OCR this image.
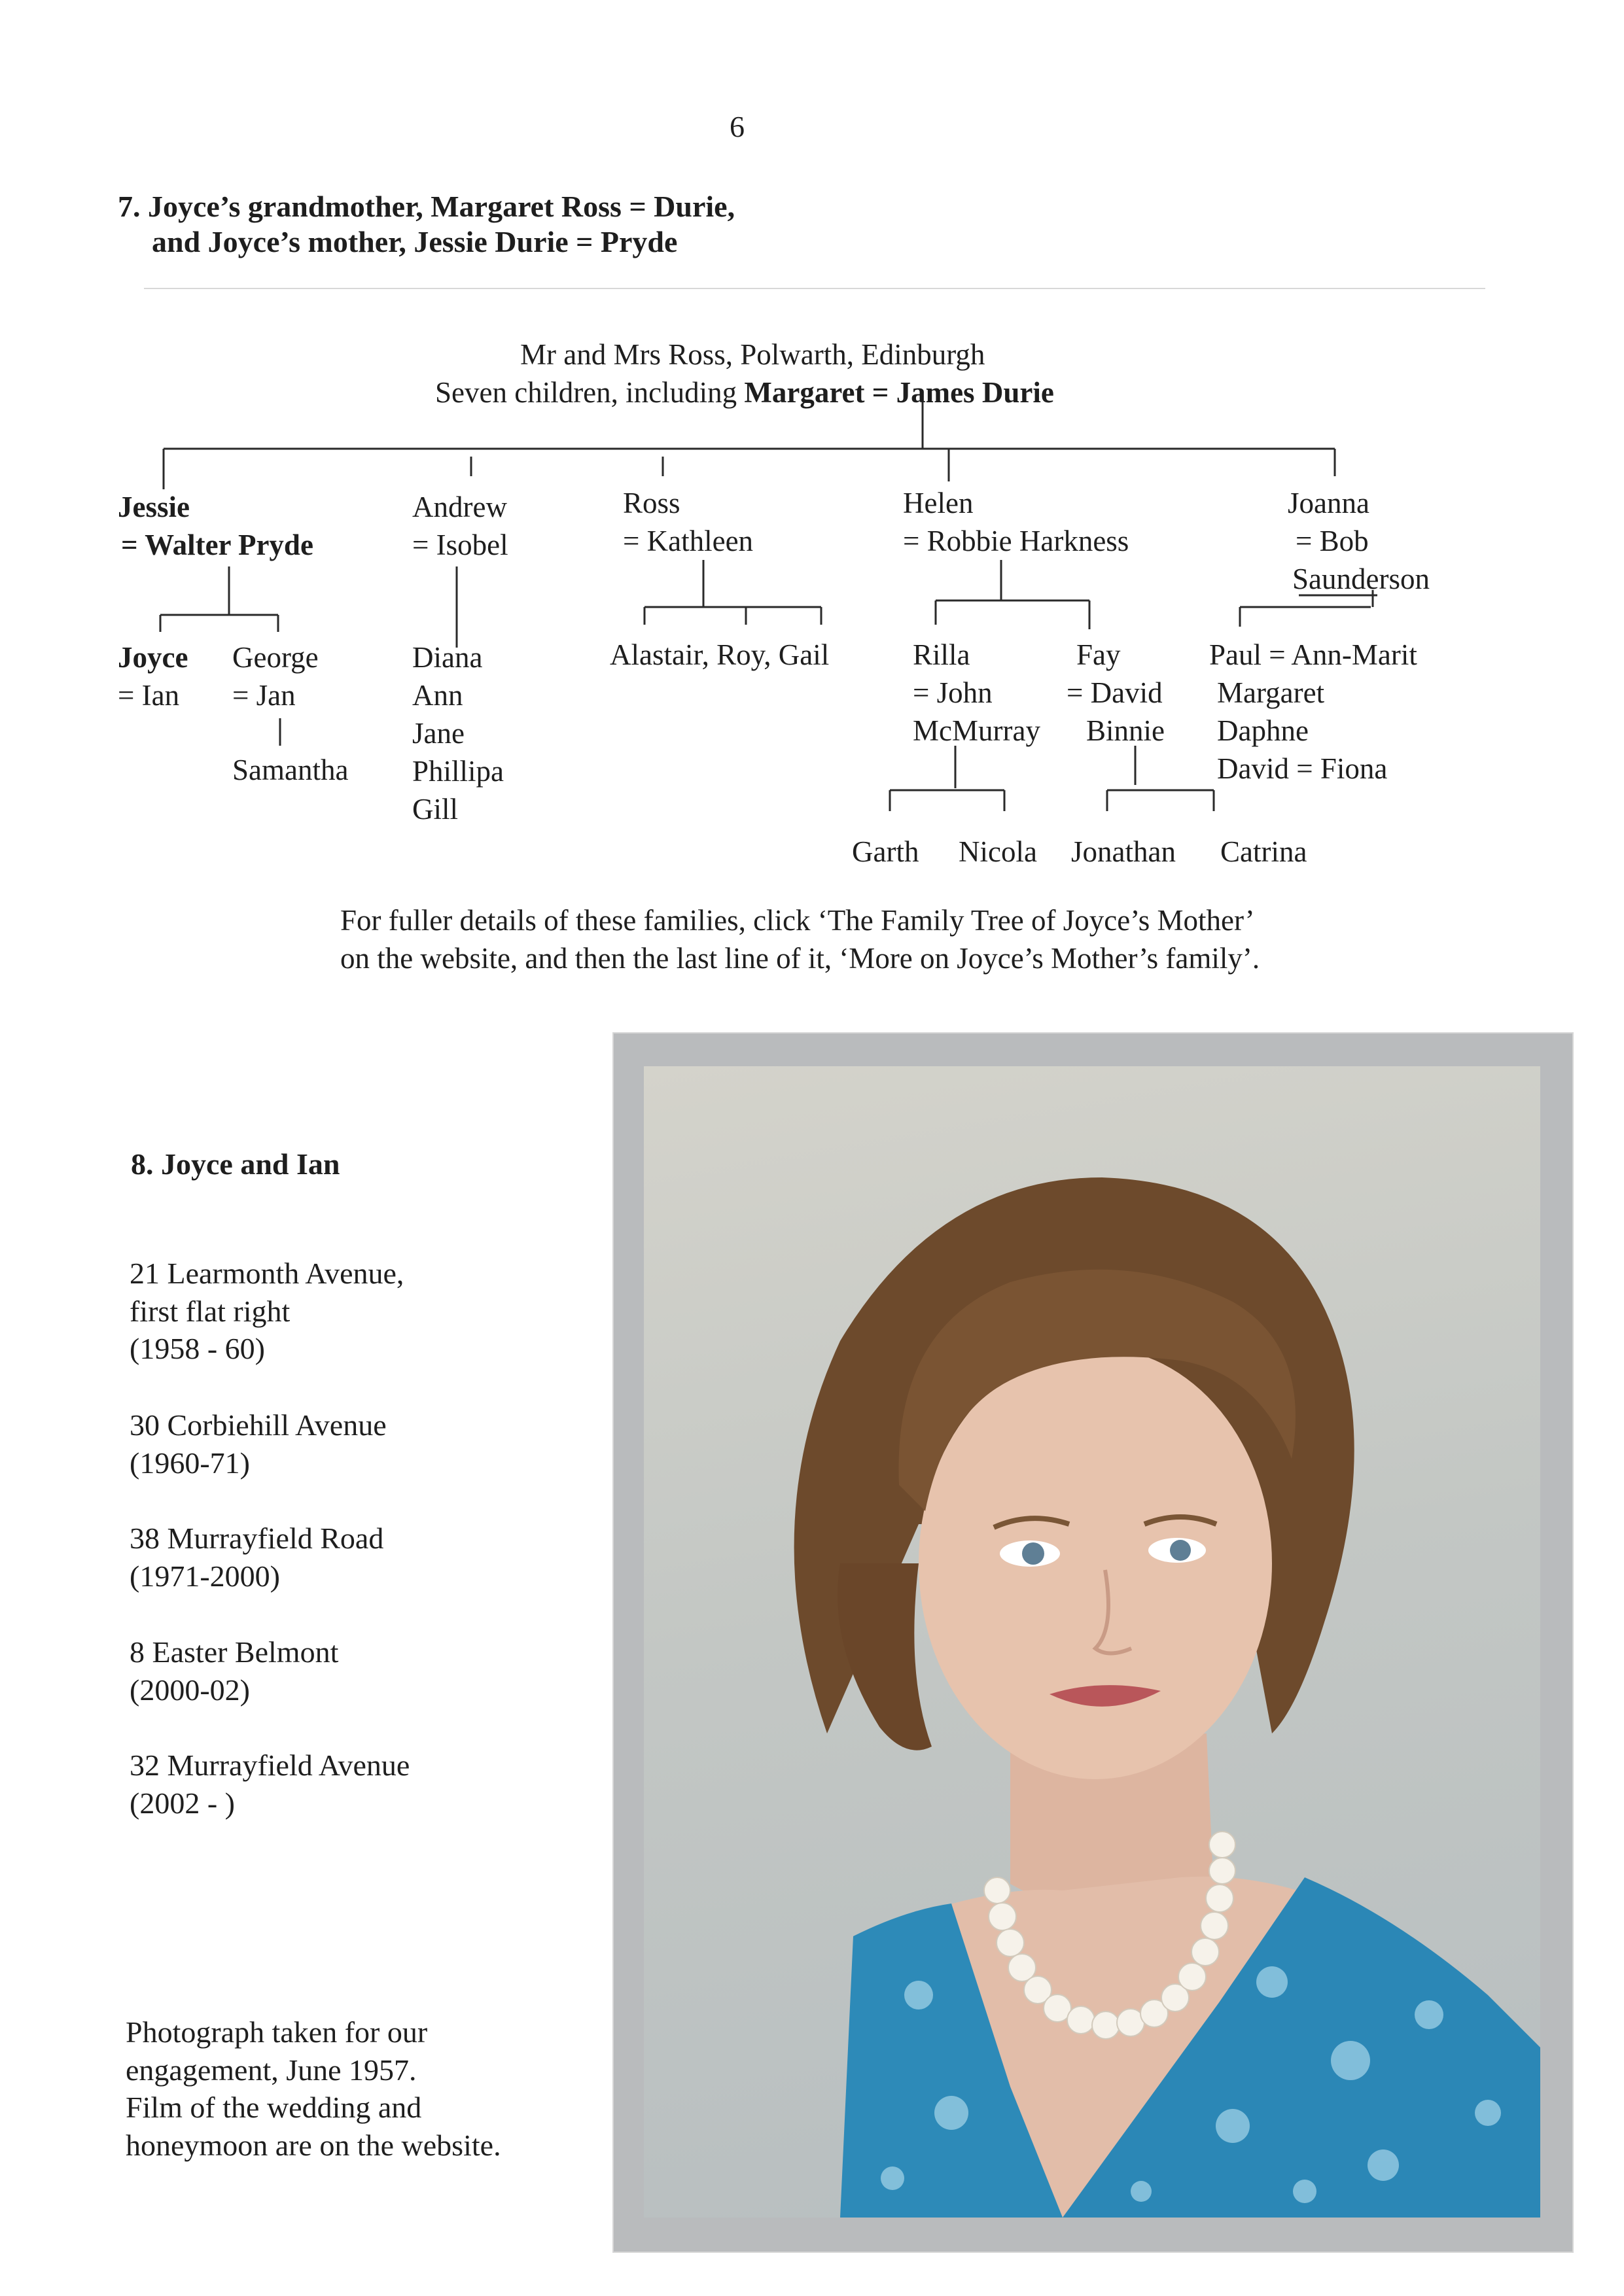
6
7. Joyce’s grandmother, Margaret Ross = Durie,
and Joyce’s mother, Jessie Durie = Pryde
Mr and Mrs Ross, Polwarth, Edinburgh
Seven children, including Margaret = James Durie
Jessie
= Walter Pryde
Joyce
= Ian
George
= Jan
Samantha
Andrew
= Isobel
Diana
Ann
Jane
Phillipa
Gill
Ross
= Kathleen
Alastair, Roy, Gail
Helen
= Robbie Harkness
Rilla
= John
McMurray
Fay
= David
Binnie
Garth Nicola Jonathan Catrina
Joanna
= Bob
Saunderson
Paul = Ann-Marit
Margaret
Daphne
David = Fiona
For fuller details of these families, click ‘The Family Tree of Joyce’s Mother’
on the website, and then the last line of it, ‘More on Joyce’s Mother’s family’.
8. Joyce and Ian
21 Learmonth Avenue,
first flat right
(1958 - 60)
30 Corbiehill Avenue
(1960-71)
38 Murrayfield Road
(1971-2000)
8 Easter Belmont
(2000-02)
32 Murrayfield Avenue
(2002 - )
Photograph taken for our
engagement, June 1957.
Film of the wedding and
honeymoon are on the website.
